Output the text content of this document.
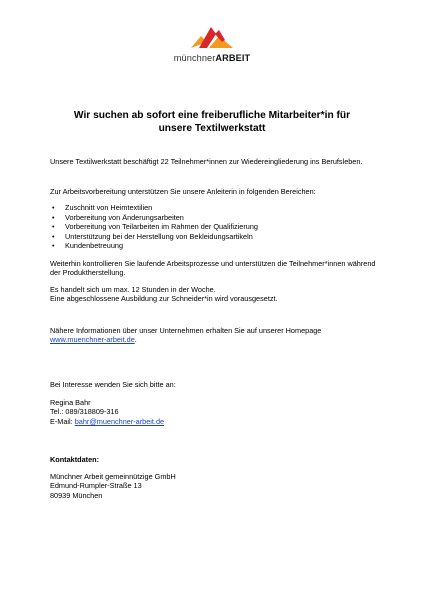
münchnerARBEIT
Wir suchen ab sofort eine freiberufliche Mitarbeiter*in für unsere Textilwerkstatt

Unsere Textilwerkstatt beschäftigt 22 Teilnehmer*innen zur Wiedereingliederung ins Berufsleben.

Zur Arbeitsvorbereitung unterstützen Sie unsere Anleiterin in folgenden Bereichen:

• Zuschnitt von Heimtextilien
• Vorbereitung von Änderungsarbeiten
• Vorbereitung von Teilarbeiten im Rahmen der Qualifizierung
• Unterstützung bei der Herstellung von Bekleidungsartikeln
• Kundenbetreuung

Weiterhin kontrollieren Sie laufende Arbeitsprozesse und unterstützen die Teilnehmer*innen während der Produktherstellung.

Es handelt sich um max. 12 Stunden in der Woche.
Eine abgeschlossene Ausbildung zur Schneider*in wird vorausgesetzt.

Nähere Informationen über unser Unternehmen erhalten Sie auf unserer Homepage
www.muenchner-arbeit.de.

Bei Interesse wenden Sie sich bitte an:

Regina Bahr
Tel.: 089/318809-316
E-Mail: bahr@muenchner-arbeit.de

Kontaktdaten:

Münchner Arbeit gemeinnützige GmbH
Edmund-Rumpler-Straße 13
80939 München
